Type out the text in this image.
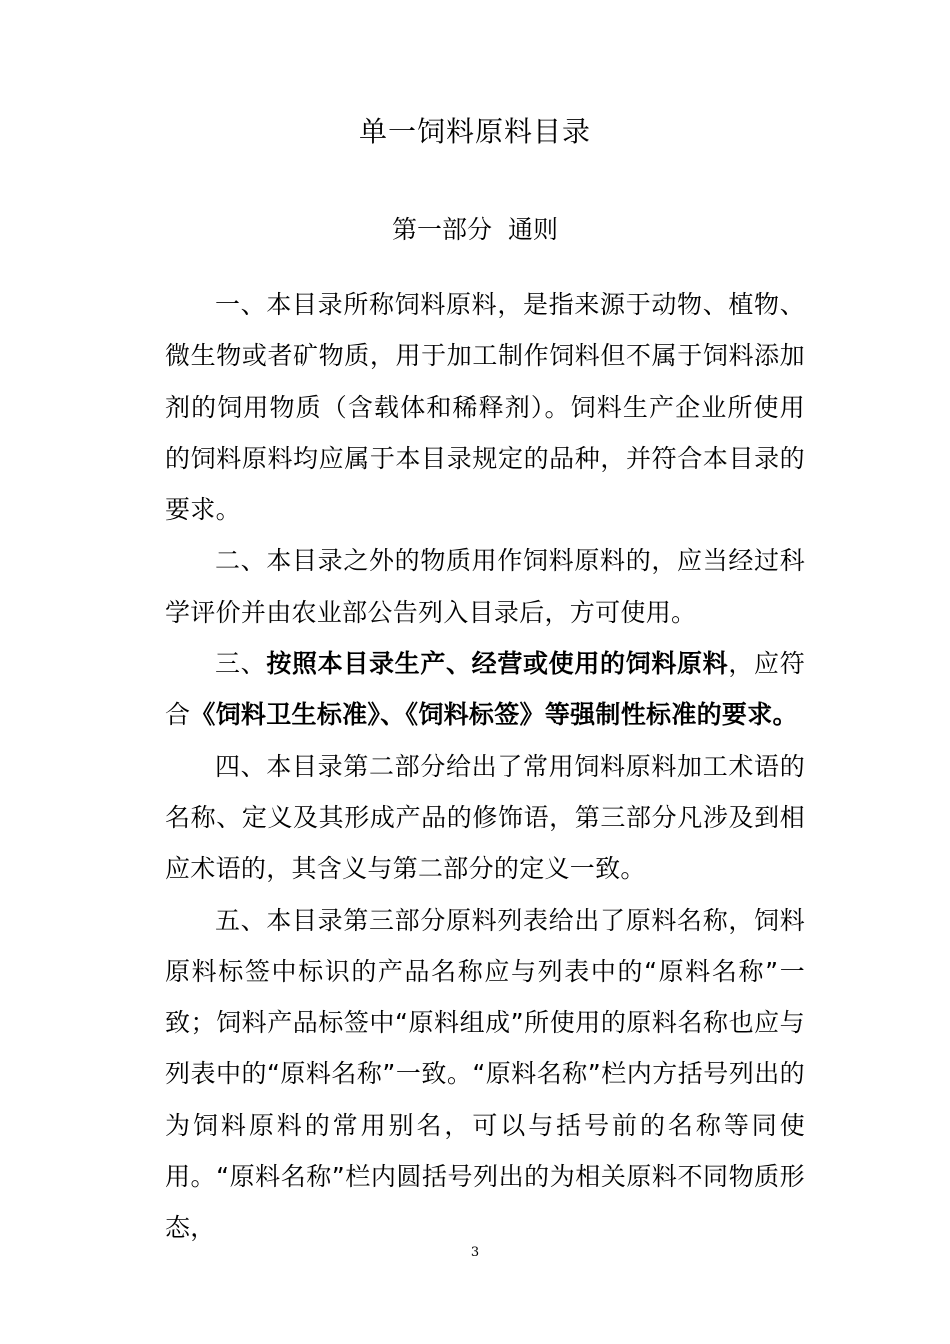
单一饲料原料目录
第一部分  通则

一、本目录所称饲料原料，是指来源于动物、植物、微生物或者矿物质，用于加工制作饲料但不属于饲料添加剂的饲用物质（含载体和稀释剂）。饲料生产企业所使用的饲料原料均应属于本目录规定的品种，并符合本目录的要求。

二、本目录之外的物质用作饲料原料的，应当经过科学评价并由农业部公告列入目录后，方可使用。

三、按照本目录生产、经营或使用的饲料原料，应符合《饲料卫生标准》、《饲料标签》等强制性标准的要求。

四、本目录第二部分给出了常用饲料原料加工术语的名称、定义及其形成产品的修饰语，第三部分凡涉及到相应术语的，其含义与第二部分的定义一致。

五、本目录第三部分原料列表给出了原料名称，饲料原料标签中标识的产品名称应与列表中的“原料名称”一致；饲料产品标签中“原料组成”所使用的原料名称也应与列表中的“原料名称”一致。“原料名称”栏内方括号列出的为饲料原料的常用别名，可以与括号前的名称等同使用。“原料名称”栏内圆括号列出的为相关原料不同物质形态，

3
